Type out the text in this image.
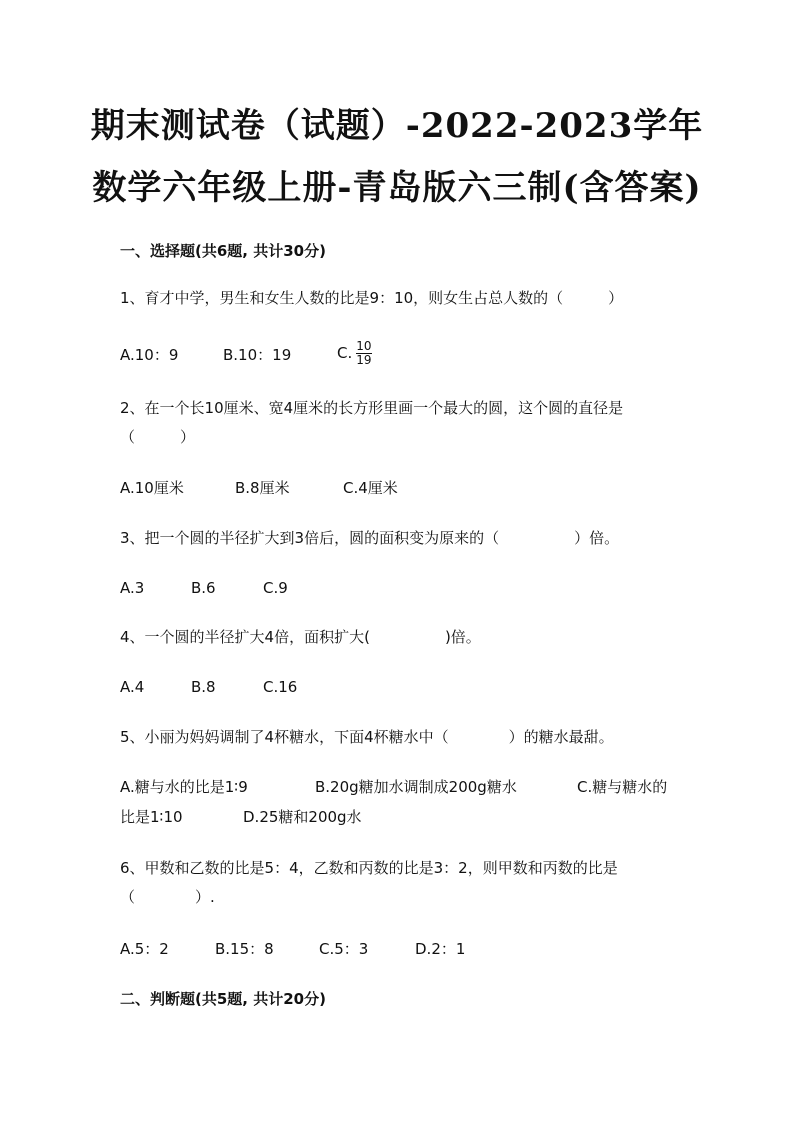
期末测试卷（试题）-2022-2023学年
数学六年级上册-青岛版六三制(含答案)
一、选择题(共6题, 共计30分)
1、育才中学，男生和女生人数的比是9：10，则女生占总人数的（　　　）
A.10：9	B.10：19	C. $\frac{10}{19}$
2、在一个长10厘米、宽4厘米的长方形里画一个最大的圆，这个圆的直径是
（　　　）
A.10厘米	B.8厘米	C.4厘米
3、把一个圆的半径扩大到3倍后，圆的面积变为原来的（　　　　　）倍。
A.3	B.6	C.9
4、一个圆的半径扩大4倍，面积扩大(　　　　　)倍。
A.4	B.8	C.16
5、小丽为妈妈调制了4杯糖水，下面4杯糖水中（　　　　）的糖水最甜。
A.糖与水的比是1∶9	B.20g糖加水调制成200g糖水	C.糖与糖水的
比是1∶10	D.25糖和200g水
6、甲数和乙数的比是5：4，乙数和丙数的比是3：2，则甲数和丙数的比是
（　　　　）.
A.5：2	B.15：8	C.5：3	D.2：1
二、判断题(共5题, 共计20分)
